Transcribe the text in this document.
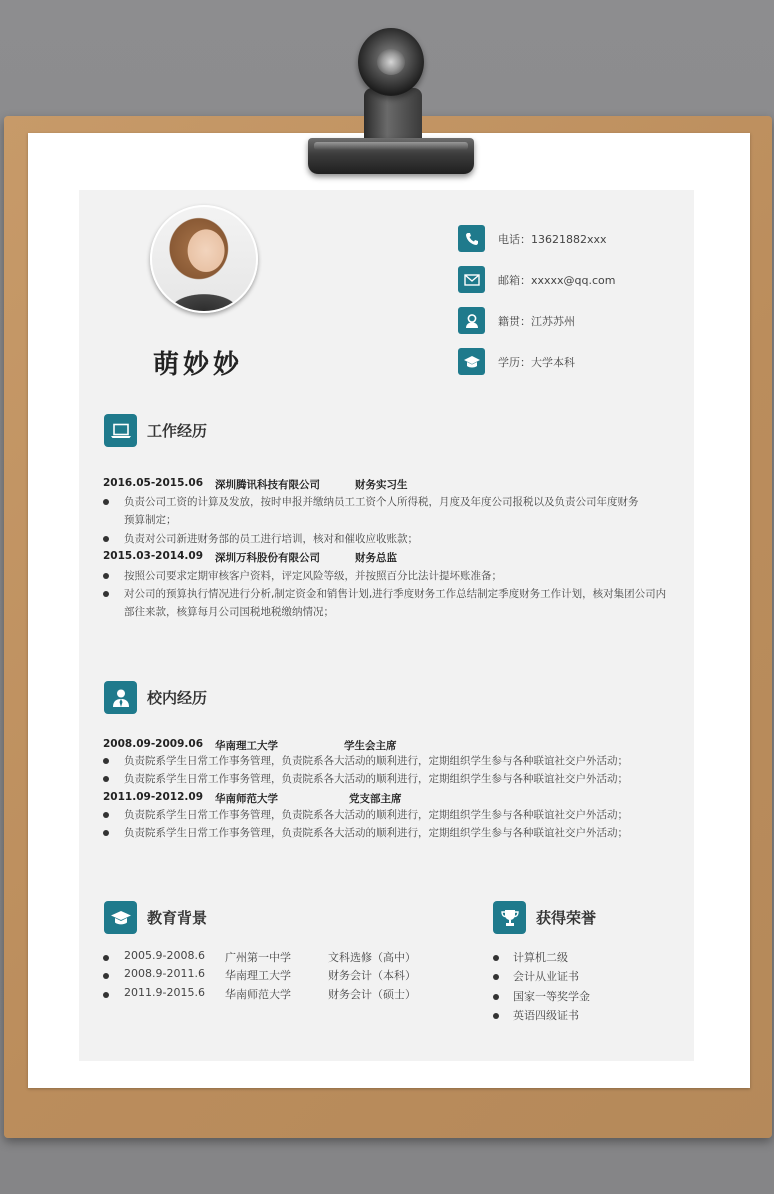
萌妙妙
电话：13621882xxx
邮箱：xxxxx@qq.com
籍贯：江苏苏州
学历：大学本科
工作经历
2016.05-2015.06 深圳腾讯科技有限公司	财务实习生
负责公司工资的计算及发放，按时申报并缴纳员工工资个人所得税，月度及年度公司报税以及负责公司年度财务
预算制定；
负责对公司新进财务部的员工进行培训，核对和催收应收账款；
2015.03-2014.09 深圳万科股份有限公司	财务总监
按照公司要求定期审核客户资料，评定风险等级，并按照百分比法计提坏账准备；
对公司的预算执行情况进行分析,制定资金和销售计划,进行季度财务工作总结制定季度财务工作计划，核对集团公司内
部往来款，核算每月公司国税地税缴纳情况；
校内经历
2008.09-2009.06 华南理工大学	学生会主席
负责院系学生日常工作事务管理，负责院系各大活动的顺利进行，定期组织学生参与各种联谊社交户外活动；
负责院系学生日常工作事务管理，负责院系各大活动的顺利进行，定期组织学生参与各种联谊社交户外活动；
2011.09-2012.09 华南师范大学	党支部主席
负责院系学生日常工作事务管理，负责院系各大活动的顺利进行，定期组织学生参与各种联谊社交户外活动；
负责院系学生日常工作事务管理，负责院系各大活动的顺利进行，定期组织学生参与各种联谊社交户外活动；
教育背景
2005.9-2008.6 广州第一中学	文科选修（高中）
2008.9-2011.6 华南理工大学	财务会计（本科）
2011.9-2015.6 华南师范大学	财务会计（硕士）
获得荣誉
计算机二级
会计从业证书
国家一等奖学金
英语四级证书
